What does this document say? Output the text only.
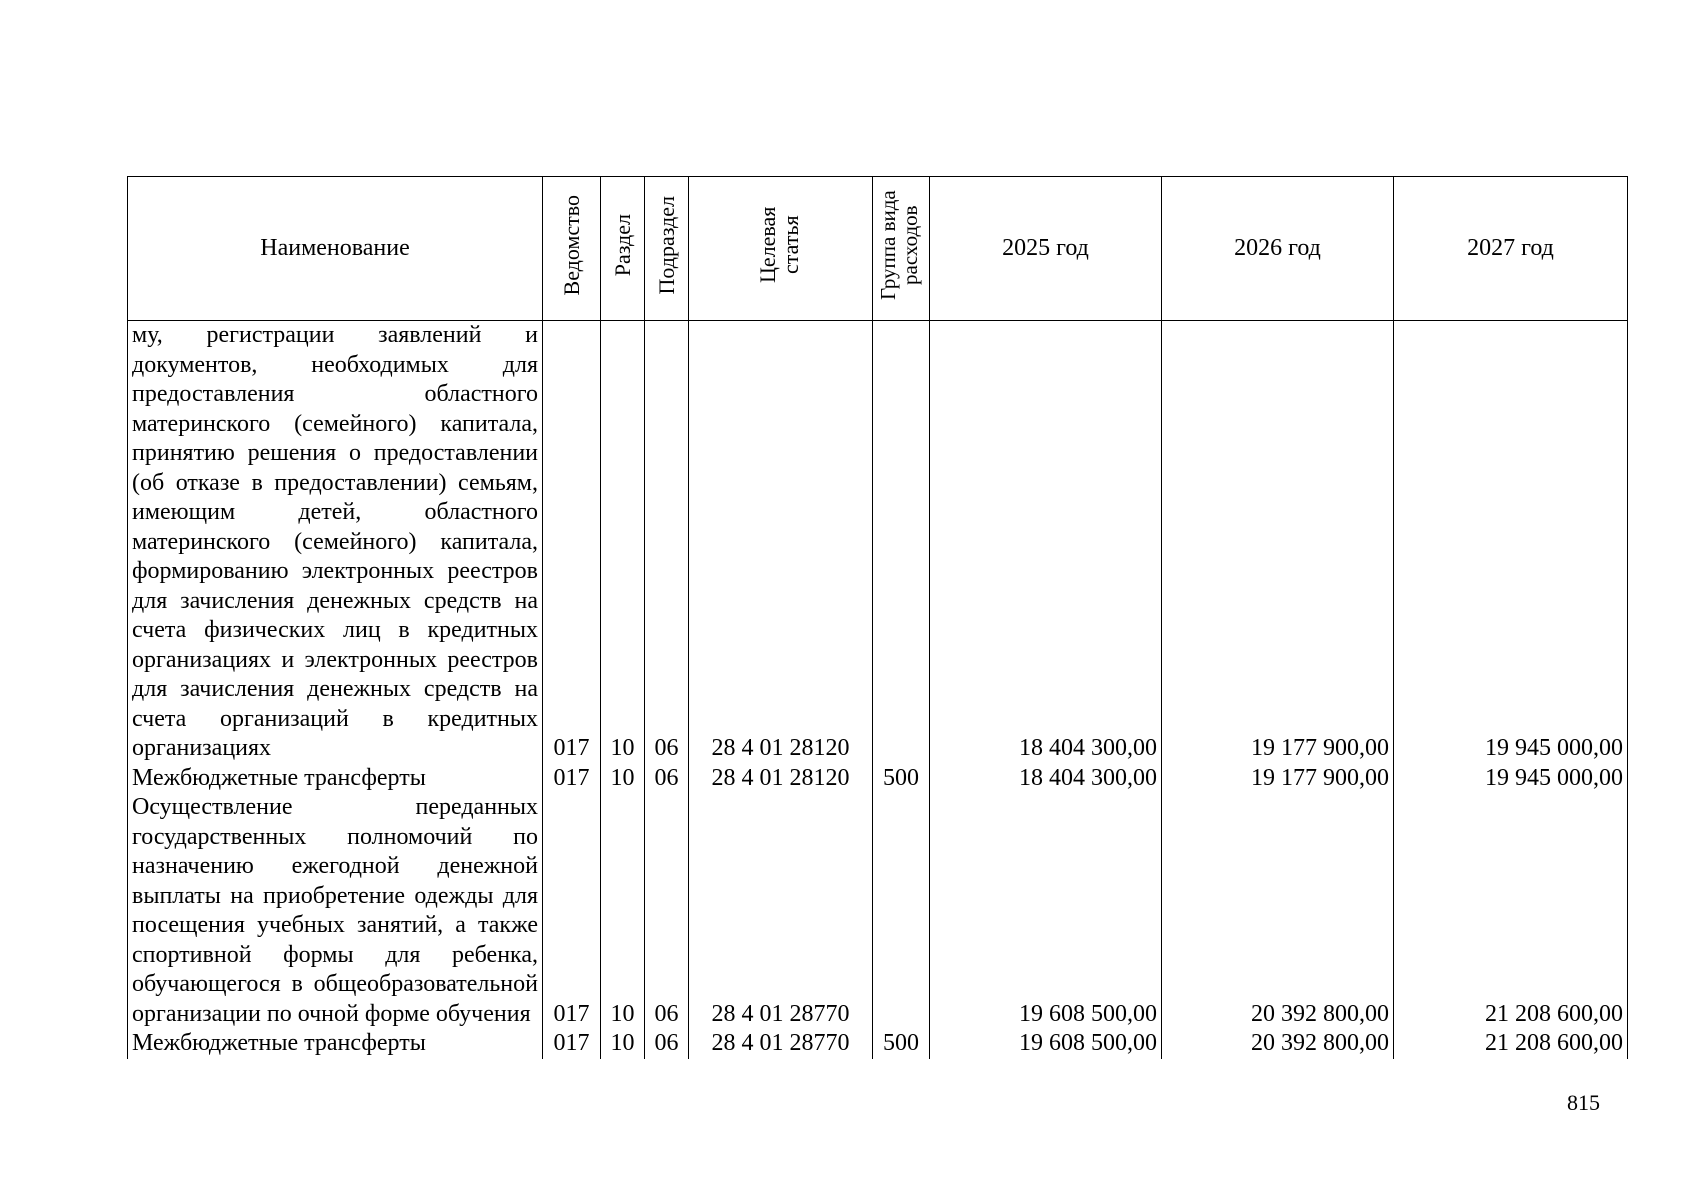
Наименование	Ведомство	Раздел	Подраздел	Целевая статья	Группа вида расходов	2025 год	2026 год	2027 год
му, регистрации заявлений и документов, необходимых для предоставления областного материнского (семейного) капитала, принятию решения о предоставлении (об отказе в предоставлении) семьям, имеющим детей, областного материнского (семейного) капитала, формированию электронных реестров для зачисления денежных средств на счета физических лиц в кредитных организациях и электронных реестров для зачисления денежных средств на счета организаций в кредитных организациях	017	10	06	28 4 01 28120		18 404 300,00	19 177 900,00	19 945 000,00
Межбюджетные трансферты	017	10	06	28 4 01 28120	500	18 404 300,00	19 177 900,00	19 945 000,00
Осуществление переданных государственных полномочий по назначению ежегодной денежной выплаты на приобретение одежды для посещения учебных занятий, а также спортивной формы для ребенка, обучающегося в общеобразовательной организации по очной форме обучения	017	10	06	28 4 01 28770		19 608 500,00	20 392 800,00	21 208 600,00
Межбюджетные трансферты	017	10	06	28 4 01 28770	500	19 608 500,00	20 392 800,00	21 208 600,00
815
